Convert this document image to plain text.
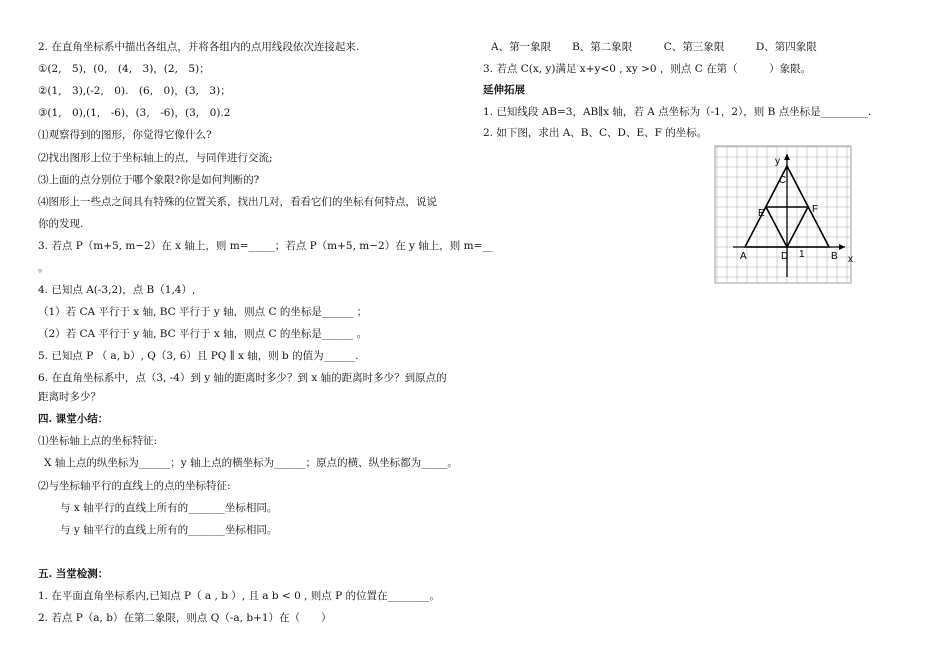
2. 在直角坐标系中描出各组点，并将各组内的点用线段依次连接起来.
①(2,　5)，(0,　(4,　3)，(2,　5)；
②(1,　3),(-2,　0).　(6,　0)，(3,　3)；
③(1,　0),(1,　-6)，(3,　-6)，(3,　0).2
⑴观察得到的图形，你觉得它像什么?
⑵找出图形上位于坐标轴上的点，与同伴进行交流;
⑶上面的点分别位于哪个象限?你是如何判断的?
⑷图形上一些点之间具有特殊的位置关系，找出几对，看看它们的坐标有何特点，说说
你的发现.
3. 若点 P（m+5, m−2）在 x 轴上，则 m=_____；若点 P（m+5, m−2）在 y 轴上，则 m=__
。
4. 已知点 A(-3,2)，点 B（1,4）,
（1）若 CA 平行于 x 轴, BC 平行于 y 轴，则点 C 的坐标是______ ；
（2）若 CA 平行于 y 轴, BC 平行于 x 轴，则点 C 的坐标是______ 。
5. 已知点 P （ a, b）, Q（3, 6）且 PQ ∥ x 轴，则 b 的值为______.
6. 在直角坐标系中，点（3, -4）到 y 轴的距离时多少？到 x 轴的距离时多少？到原点的
距离时多少？
四. 课堂小结：
⑴坐标轴上点的坐标特征:
X 轴上点的纵坐标为______；y 轴上点的横坐标为______；原点的横、纵坐标都为_____。
⑵与坐标轴平行的直线上的点的坐标特征:
与 x 轴平行的直线上所有的_______坐标相同。
与 y 轴平行的直线上所有的_______坐标相同。
五. 当堂检测：
1. 在平面直角坐标系内,已知点 P（ a , b ）, 且 a b < 0 , 则点 P 的位置在________。
2. 若点 P（a, b）在第二象限，则点 Q（-a, b+1）在（　　）
A、第一象限　　B、第二象限　　　C、第三象限　　　D、第四象限
3. 若点 C(x, y)满足 x+y<0 , xy >0 ，则点 C 在第（　　　）象限。
延伸拓展
1. 已知线段 AB=3，AB∥x 轴，若 A 点坐标为（-1，2），则 B 点坐标是_________.
2. 如下图，求出 A、B、C、D、E、F 的坐标。
A	B
C
D
E	F
x
y
1
